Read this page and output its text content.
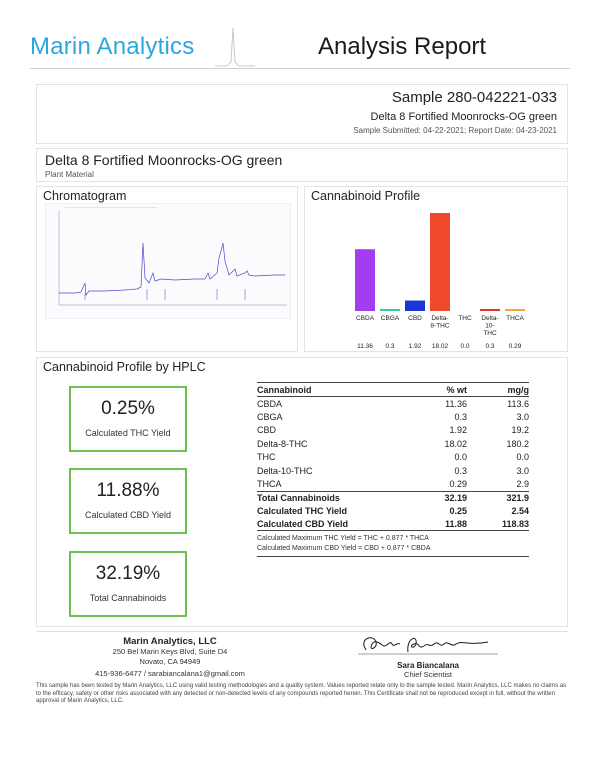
Marin Analytics	Analysis Report
Sample 280-042221-033
Delta 8 Fortified Moonrocks-OG green
Sample Submitted: 04-22-2021; Report Date: 04-23-2021
Delta 8 Fortified Moonrocks-OG green
Plant Material
Chromatogram
~~~~~~~~~~~~~~~~~~~~~~~~~~~~~~~~~~~~~~~~~~~~
Cannabinoid Profile
CBDA
11.36
CBGA
0.3
CBD
1.92
Delta-
8-THC
18.02
THC
0.0
Delta-
10-
THC
0.3
THCA
0.29
Cannabinoid Profile by HPLC
0.25%
Calculated THC Yield
11.88%
Calculated CBD Yield
32.19%
Total Cannabinoids
Cannabinoid	% wt	mg/g
CBDA	11.36	113.6
CBGA	0.3	3.0
CBD	1.92	19.2
Delta-8-THC	18.02	180.2
THC	0.0	0.0
Delta-10-THC	0.3	3.0
THCA	0.29	2.9
Total Cannabinoids	32.19	321.9
Calculated THC Yield	0.25	2.54
Calculated CBD Yield	11.88	118.83
Calculated Maximum THC Yield = THC + 0.877 * THCA
Calculated Maximum CBD Yield = CBD + 0.877 * CBDA
Marin Analytics, LLC
250 Bel Marin Keys Blvd, Suite D4
Novato, CA 94949
415-936-6477 / sarabiancalana1@gmail.com
Sara Biancalana
Chief Scientist
This sample has been tested by Marin Analytics, LLC using valid testing methodologies and a quality system. Values reported relate only to the sample tested. Marin Analytics, LLC makes no claims as to the efficacy, safety or other risks associated with any detected or non-detected levels of any compounds reported herein. This Certificate shall not be reproduced except in full, without the written approval of Marin Analytics, LLC.
